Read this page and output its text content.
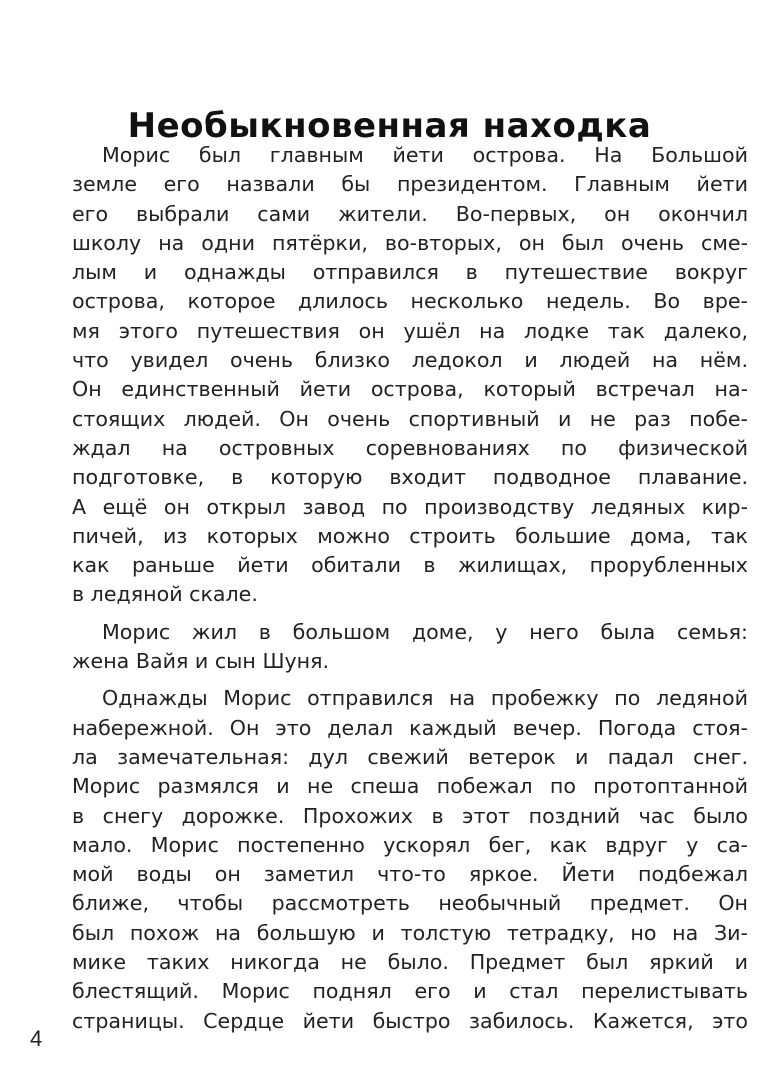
Необыкновенная находка
Морис был главным йети острова. На Большой
земле его назвали бы президентом. Главным йети
его выбрали сами жители. Во-первых, он окончил
школу на одни пятёрки, во-вторых, он был очень сме-
лым и однажды отправился в путешествие вокруг
острова, которое длилось несколько недель. Во вре-
мя этого путешествия он ушёл на лодке так далеко,
что увидел очень близко ледокол и людей на нём.
Он единственный йети острова, который встречал на-
стоящих людей. Он очень спортивный и не раз побе-
ждал на островных соревнованиях по физической
подготовке, в которую входит подводное плавание.
А ещё он открыл завод по производству ледяных кир-
пичей, из которых можно строить большие дома, так
как раньше йети обитали в жилищах, прорубленных
в ледяной скале.
Морис жил в большом доме, у него была семья:
жена Вайя и сын Шуня.
Однажды Морис отправился на пробежку по ледяной
набережной. Он это делал каждый вечер. Погода стоя-
ла замечательная: дул свежий ветерок и падал снег.
Морис размялся и не спеша побежал по протоптанной
в снегу дорожке. Прохожих в этот поздний час было
мало. Морис постепенно ускорял бег, как вдруг у са-
мой воды он заметил что-то яркое. Йети подбежал
ближе, чтобы рассмотреть необычный предмет. Он
был похож на большую и толстую тетрадку, но на Зи-
мике таких никогда не было. Предмет был яркий и
блестящий. Морис поднял его и стал перелистывать
страницы. Сердце йети быстро забилось. Кажется, это
4
